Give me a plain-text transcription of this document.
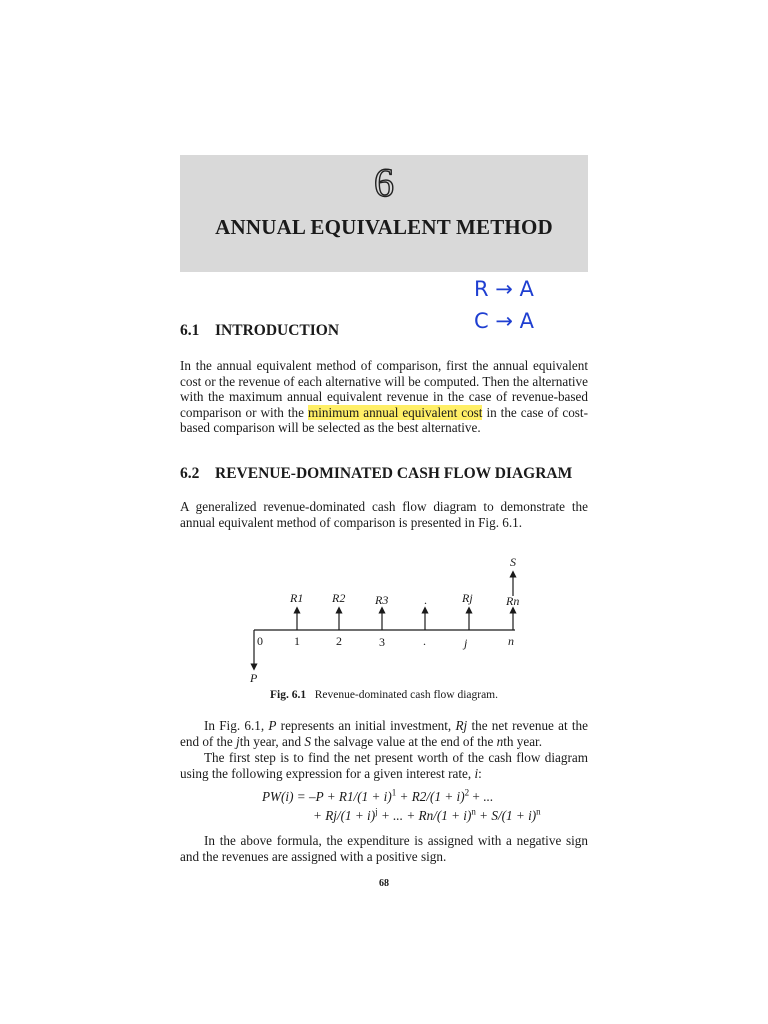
6
ANNUAL EQUIVALENT METHOD
R → A
C → A
6.1 INTRODUCTION
In the annual equivalent method of comparison, first the annual equivalent cost or the revenue of each alternative will be computed. Then the alternative with the maximum annual equivalent revenue in the case of revenue-based comparison or with the minimum annual equivalent cost in the case of cost-based comparison will be selected as the best alternative.
6.2 REVENUE-DOMINATED CASH FLOW DIAGRAM
A generalized revenue-dominated cash flow diagram to demonstrate the annual equivalent method of comparison is presented in Fig. 6.1.
R1 R2 R3	.	Rj	Rn
S
0	1	2	3	.	j	n
P
Fig. 6.1 Revenue-dominated cash flow diagram.
In Fig. 6.1, P represents an initial investment, Rj the net revenue at the end of the jth year, and S the salvage value at the end of the nth year.
The first step is to find the net present worth of the cash flow diagram using the following expression for a given interest rate, i:
$PW(i) = -P + R1/(1 + i)^1 + R2/(1 + i)^2$ + ...
+ $Rj/(1 + i)^j$ + ... + $Rn/(1 + i)^n + S/(1 + i)^n$
In the above formula, the expenditure is assigned with a negative sign and the revenues are assigned with a positive sign.
68
